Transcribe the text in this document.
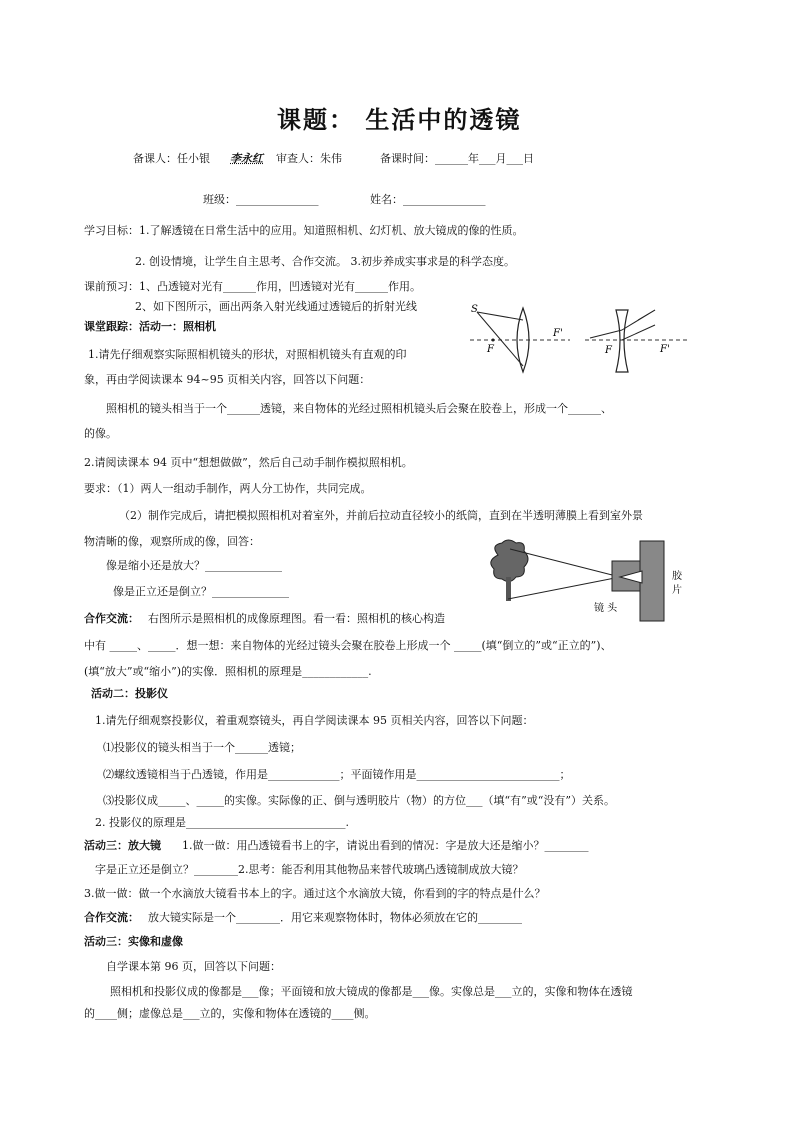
课题： 生活中的透镜
备课人：任小银 李永红 审查人：朱伟	备课时间：______年___月___日
班级：_______________	姓名：_______________
学习目标：1.了解透镜在日常生活中的应用。知道照相机、幻灯机、放大镜成的像的性质。
2. 创设情境，让学生自主思考、合作交流。 3.初步养成实事求是的科学态度。
课前预习：1、凸透镜对光有______作用，凹透镜对光有______作用。
2、如下图所示，画出两条入射光线通过透镜后的折射光线
课堂跟踪：活动一：照相机
1.请先仔细观察实际照相机镜头的形状，对照相机镜头有直观的印
象，再由学阅读课本 94~95 页相关内容，回答以下问题：
照相机的镜头相当于一个______透镜，来自物体的光经过照相机镜头后会聚在胶卷上，形成一个______、
的像。
2.请阅读课本 94 页中“想想做做”，然后自己动手制作模拟照相机。
要求：（1）两人一组动手制作，两人分工协作，共同完成。
（2）制作完成后，请把模拟照相机对着室外，并前后拉动直径较小的纸筒，直到在半透明薄膜上看到室外景
物清晰的像，观察所成的像，回答：
像是缩小还是放大？______________
像是正立还是倒立？______________
合作交流： 右图所示是照相机的成像原理图。看一看：照相机的核心构造
中有 _____、_____．想一想：来自物体的光经过镜头会聚在胶卷上形成一个 _____(填“倒立的”或“正立的”)、
(填“放大”或“缩小”)的实像．照相机的原理是____________.
活动二：投影仪
1.请先仔细观察投影仪，着重观察镜头，再自学阅读课本 95 页相关内容，回答以下问题：
⑴投影仪的镜头相当于一个______透镜；
⑵螺纹透镜相当于凸透镜，作用是_____________；平面镜作用是__________________________；
⑶投影仪成_____、_____的实像。实际像的正、倒与透明胶片（物）的方位___（填“有”或“没有”）关系。
2. 投影仪的原理是_____________________________.
活动三：放大镜 1.做一做：用凸透镜看书上的字，请说出看到的情况：字是放大还是缩小？________
字是正立还是倒立？________2.思考：能否利用其他物品来替代玻璃凸透镜制成放大镜？
3.做一做：做一个水滴放大镜看书本上的字。通过这个水滴放大镜，你看到的字的特点是什么？
合作交流： 放大镜实际是一个________．用它来观察物体时，物体必须放在它的________
活动三：实像和虚像
自学课本第 96 页，回答以下问题：
照相机和投影仪成的像都是___像；平面镜和放大镜成的像都是___像。实像总是___立的，实像和物体在透镜
的____侧；虚像总是___立的，实像和物体在透镜的____侧。
S
F
F'
F	F'
镜 头
胶
片
